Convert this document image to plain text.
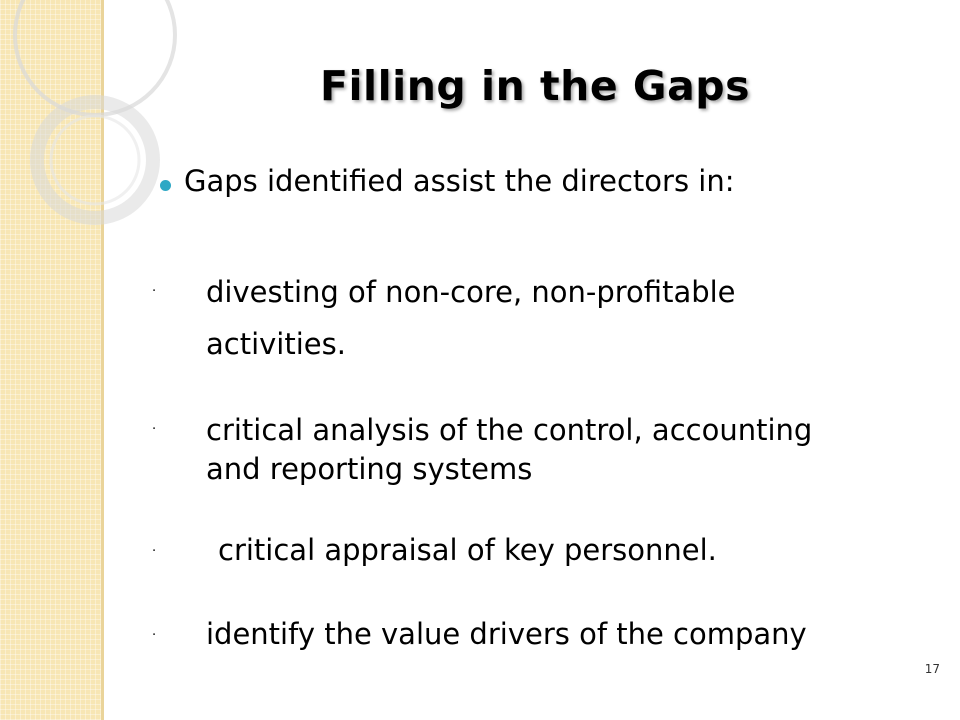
Filling in the Gaps
Gaps identified assist the directors in:
· divesting of non-core, non-profitable
activities.
· critical analysis of the control, accounting
and reporting systems
· critical appraisal of key personnel.
· identify the value drivers of the company
17
